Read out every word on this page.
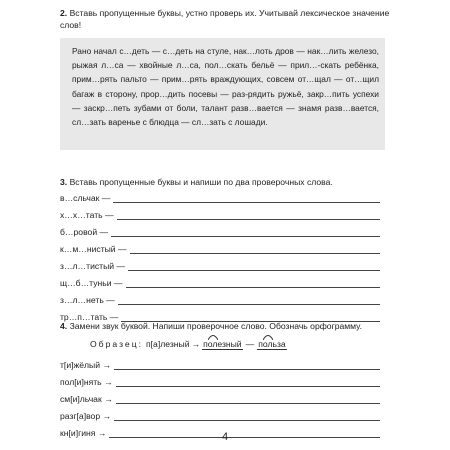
2. Вставь пропущенные буквы, устно проверь их. Учитывай лексическое значение слов!

Рано начал с…деть — с…деть на стуле, нак…лоть дров — нак…лить железо, рыжая л…са — хвойные л…са, пол…скать бельё — прил…-скать ребёнка, прим…рять пальто — прим…рять враждующих, совсем от…щал — от…щил багаж в сторону, прор…дить посевы — раз-рядить ружьё, закр…пить успехи — заскр…петь зубами от боли, талант разв…вается — знамя разв…вается, сл…зать варенье с блюдца — сл…зать с лошади.

3. Вставь пропущенные буквы и напиши по два проверочных слова.
в…сльчак —
х…х…тать —
б…ровой —
к…м…нистый —
з…л…тистый —
щ…б…туньи —
з…л…неть —
тр…п…тать —
4. Замени звук буквой. Напиши проверочное слово. Обозначь орфограмму.
Образец: п[а]лезный → полезный — польза
т[и]жёлый →
пол[и]нять →
см[и]льчак →
разг[а]вор →
кн[и]гиня →	4
